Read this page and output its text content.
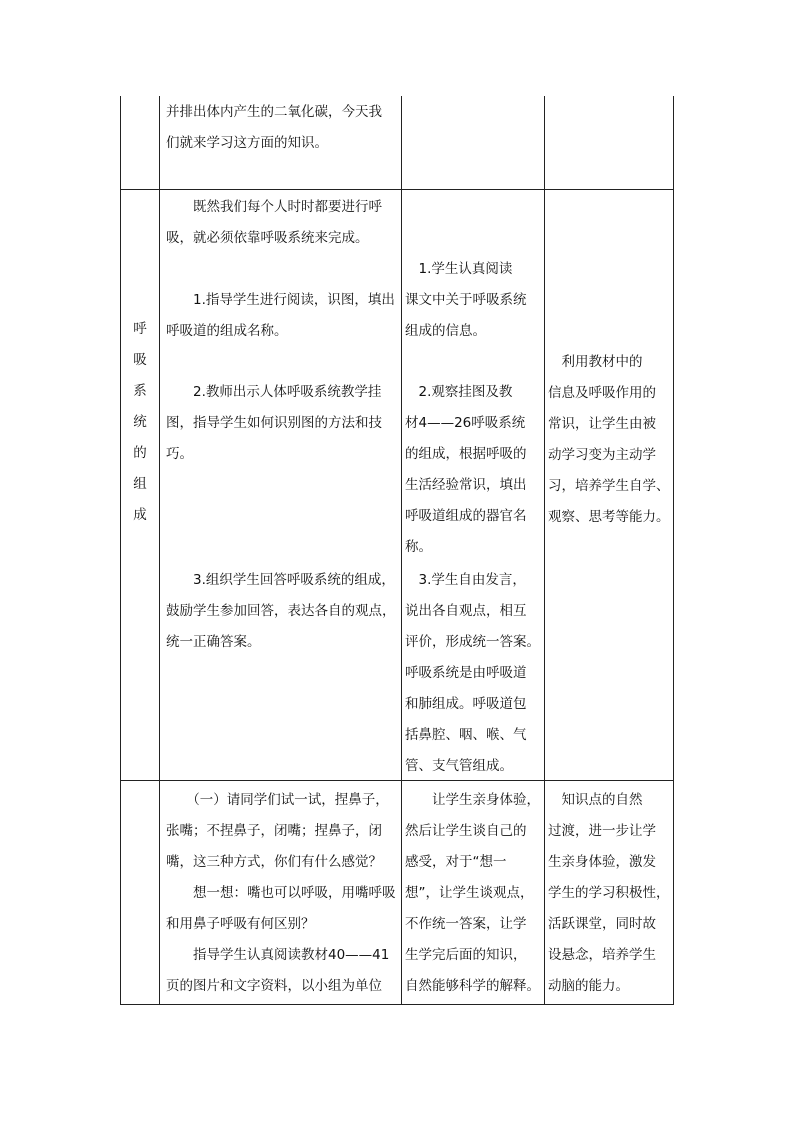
并排出体内产生的二氧化碳，今天我

们就来学习这方面的知识。

呼

吸

系

统

的

组

成

　　既然我们每个人时时都要进行呼

吸，就必须依靠呼吸系统来完成。

　　1.指导学生进行阅读，识图，填出

呼吸道的组成名称。

　　2.教师出示人体呼吸系统教学挂

图，指导学生如何识别图的方法和技

巧。

　　3.组织学生回答呼吸系统的组成，

鼓励学生参加回答，表达各自的观点，

统一正确答案。

　1.学生认真阅读

课文中关于呼吸系统

组成的信息。

　2.观察挂图及教

材4——26呼吸系统

的组成，根据呼吸的

生活经验常识，填出

呼吸道组成的器官名

称。

　3.学生自由发言，

说出各自观点，相互

评价，形成统一答案。

呼吸系统是由呼吸道

和肺组成。呼吸道包

括鼻腔、咽、喉、气

管、支气管组成。

　利用教材中的

信息及呼吸作用的

常识，让学生由被

动学习变为主动学

习，培养学生自学、

观察、思考等能力。

　　（一）请同学们试一试，捏鼻子，

张嘴；不捏鼻子，闭嘴；捏鼻子，闭

嘴，这三种方式，你们有什么感觉？

　　想一想：嘴也可以呼吸，用嘴呼吸

和用鼻子呼吸有何区别？

　　指导学生认真阅读教材40——41

页的图片和文字资料，以小组为单位

　　让学生亲身体验，

然后让学生谈自己的

感受，对于“想一

想”，让学生谈观点，

不作统一答案，让学

生学完后面的知识，

自然能够科学的解释。

　知识点的自然

过渡，进一步让学

生亲身体验，激发

学生的学习积极性，

活跃课堂，同时故

设悬念，培养学生

动脑的能力。
